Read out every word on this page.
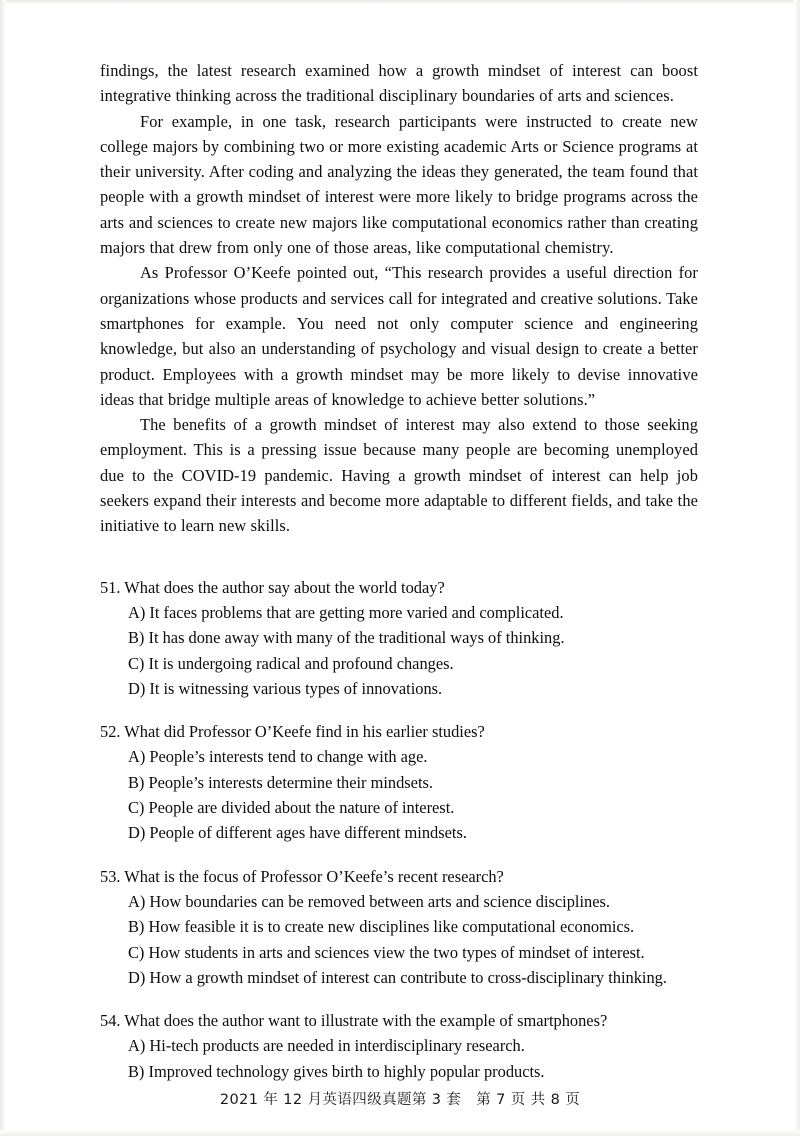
findings, the latest research examined how a growth mindset of interest can boost integrative thinking across the traditional disciplinary boundaries of arts and sciences.

For example, in one task, research participants were instructed to create new college majors by combining two or more existing academic Arts or Science programs at their university. After coding and analyzing the ideas they generated, the team found that people with a growth mindset of interest were more likely to bridge programs across the arts and sciences to create new majors like computational economics rather than creating majors that drew from only one of those areas, like computational chemistry.

As Professor O’Keefe pointed out, “This research provides a useful direction for organizations whose products and services call for integrated and creative solutions. Take smartphones for example. You need not only computer science and engineering knowledge, but also an understanding of psychology and visual design to create a better product. Employees with a growth mindset may be more likely to devise innovative ideas that bridge multiple areas of knowledge to achieve better solutions.”

The benefits of a growth mindset of interest may also extend to those seeking employment. This is a pressing issue because many people are becoming unemployed due to the COVID-19 pandemic. Having a growth mindset of interest can help job seekers expand their interests and become more adaptable to different fields, and take the initiative to learn new skills.

51. What does the author say about the world today?
A) It faces problems that are getting more varied and complicated.
B) It has done away with many of the traditional ways of thinking.
C) It is undergoing radical and profound changes.
D) It is witnessing various types of innovations.
52. What did Professor O’Keefe find in his earlier studies?
A) People’s interests tend to change with age.
B) People’s interests determine their mindsets.
C) People are divided about the nature of interest.
D) People of different ages have different mindsets.
53. What is the focus of Professor O’Keefe’s recent research?
A) How boundaries can be removed between arts and science disciplines.
B) How feasible it is to create new disciplines like computational economics.
C) How students in arts and sciences view the two types of mindset of interest.
D) How a growth mindset of interest can contribute to cross-disciplinary thinking.
54. What does the author want to illustrate with the example of smartphones?
A) Hi-tech products are needed in interdisciplinary research.
B) Improved technology gives birth to highly popular products.
2021 年 12 月英语四级真题第 3 套　第 7 页 共 8 页
